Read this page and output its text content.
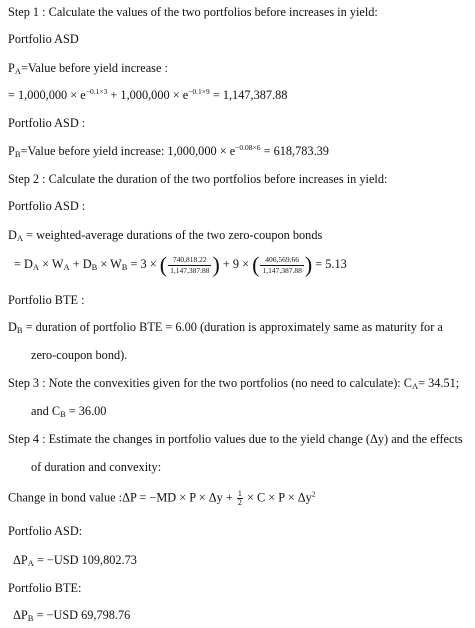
Step 1 : Calculate the values of the two portfolios before increases in yield:
Portfolio ASD
$P_A=Value$ before yield increase :
= $1,000,000 \times e^{-0.1\times 3} + 1,000,000 \times e^{-0.1\times 9} = 1,147,387.88$
Portfolio ASD :
$P_B=Value$ before yield increase: $1,000,000 \times e^{-0.08\times 6} = 618,783.39$
Step 2 : Calculate the duration of the two portfolios before increases in yield:
Portfolio ASD :
$D_A$ = weighted-average durations of the two zero-coupon bonds
= $D_A \times W_A + D_B \times W_B = 3$ × ( $\frac{740,818.22}{1,147,387.88}$ ) + 9 × ( $\frac{406,569.66}{1,147,387.88}$ ) = 5.13
Portfolio BTE :
$D_B$ = duration of portfolio BTE = 6.00 (duration is approximately same as maturity for a
zero-coupon bond).
Step 3 : Note the convexities given for the two portfolios (no need to calculate): $C_A= 34.51$;
and $C_B = 36.00$
Step 4 : Estimate the changes in portfolio values due to the yield change (Δy) and the effects
of duration and convexity:
Change in bond value :ΔP = $-MD \times P \times \Delta y + \frac{1}{2} \times C \times P \times \Delta y^2$
Portfolio ASD:
$\Delta P_A = -USD$ 109,802.73
Portfolio BTE:
$\Delta P_B = -USD$ 69,798.76
